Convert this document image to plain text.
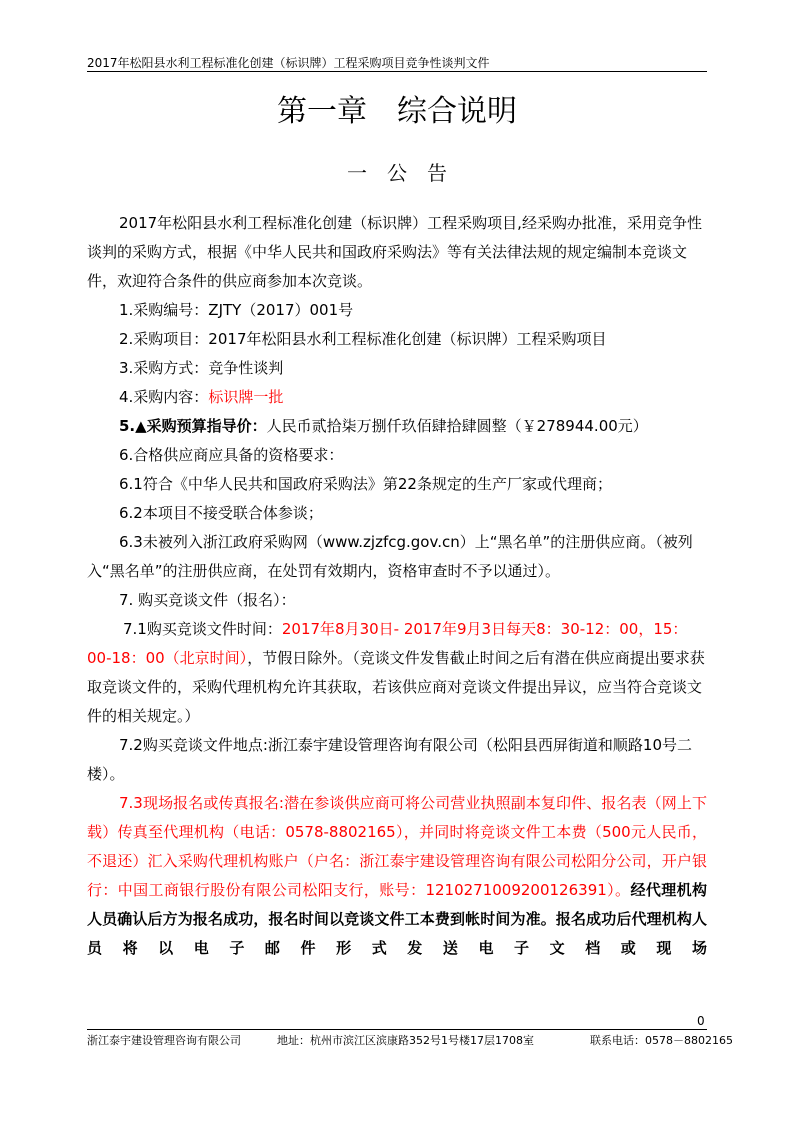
2017年松阳县水利工程标准化创建（标识牌）工程采购项目竞争性谈判文件
第一章　综合说明
一　公　告

2017年松阳县水利工程标准化创建（标识牌）工程采购项目,经采购办批准，采用竞争性谈判的采购方式，根据《中华人民共和国政府采购法》等有关法律法规的规定编制本竞谈文件，欢迎符合条件的供应商参加本次竞谈。

1.采购编号：ZJTY（2017）001号

2.采购项目：2017年松阳县水利工程标准化创建（标识牌）工程采购项目

3.采购方式：竞争性谈判

4.采购内容：标识牌一批

5.▲采购预算指导价：人民币贰拾柒万捌仟玖佰肆拾肆圆整（￥278944.00元）

6.合格供应商应具备的资格要求：

6.1符合《中华人民共和国政府采购法》第22条规定的生产厂家或代理商；

6.2本项目不接受联合体参谈；

6.3未被列入浙江政府采购网（www.zjzfcg.gov.cn）上“黑名单”的注册供应商。（被列入“黑名单”的注册供应商，在处罚有效期内，资格审查时不予以通过）。

7. 购买竞谈文件（报名）：

7.1购买竞谈文件时间：2017年8月30日- 2017年9月3日每天8：30-12：00，15：00-18：00（北京时间），节假日除外。（竞谈文件发售截止时间之后有潜在供应商提出要求获取竞谈文件的，采购代理机构允许其获取，若该供应商对竞谈文件提出异议，应当符合竞谈文件的相关规定。）

7.2购买竞谈文件地点:浙江泰宇建设管理咨询有限公司（松阳县西屏街道和顺路10号二楼）。

7.3现场报名或传真报名:潜在参谈供应商可将公司营业执照副本复印件、报名表（网上下载）传真至代理机构（电话：0578-8802165），并同时将竞谈文件工本费（500元人民币，不退还）汇入采购代理机构账户（户名：浙江泰宇建设管理咨询有限公司松阳分公司，开户银行：中国工商银行股份有限公司松阳支行，账号：1210271009200126391）。经代理机构人员确认后方为报名成功，报名时间以竞谈文件工本费到帐时间为准。报名成功后代理机构人员将以电子邮件形式发送电子文档或现场

0
浙江泰宇建设管理咨询有限公司	地址：杭州市滨江区滨康路352号1号楼17层1708室	联系电话：0578－8802165
